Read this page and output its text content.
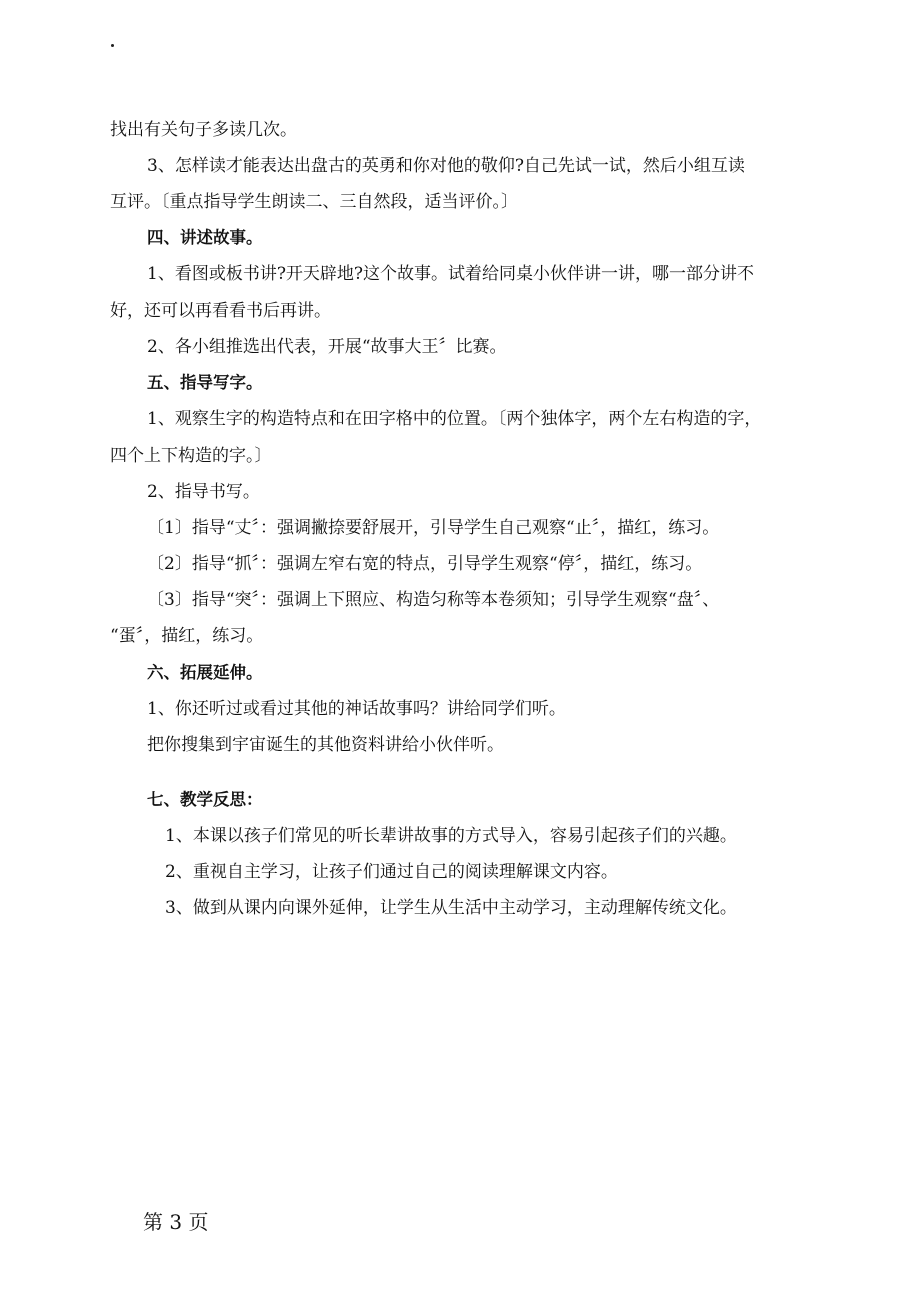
找出有关句子多读几次。

3、怎样读才能表达出盘古的英勇和你对他的敬仰?自己先试一试，然后小组互读

互评。〔重点指导学生朗读二、三自然段，适当评价。〕

四、讲述故事。

1、看图或板书讲?开天辟地?这个故事。试着给同桌小伙伴讲一讲，哪一部分讲不

好，还可以再看看书后再讲。

2、各小组推选出代表，开展“故事大王〞比赛。

五、指导写字。

1、观察生字的构造特点和在田字格中的位置。〔两个独体字，两个左右构造的字，

四个上下构造的字。〕

2、指导书写。

〔1〕指导“丈〞：强调撇捺要舒展开，引导学生自己观察“止〞，描红，练习。

〔2〕指导“抓〞：强调左窄右宽的特点，引导学生观察“停〞，描红，练习。

〔3〕指导“突〞：强调上下照应、构造匀称等本卷须知；引导学生观察“盘〞、

“蛋〞，描红，练习。

六、拓展延伸。

1、你还听过或看过其他的神话故事吗？讲给同学们听。

把你搜集到宇宙诞生的其他资料讲给小伙伴听。

七、教学反思：

1、本课以孩子们常见的听长辈讲故事的方式导入，容易引起孩子们的兴趣。

2、重视自主学习，让孩子们通过自己的阅读理解课文内容。

3、做到从课内向课外延伸，让学生从生活中主动学习，主动理解传统文化。

第 3 页
